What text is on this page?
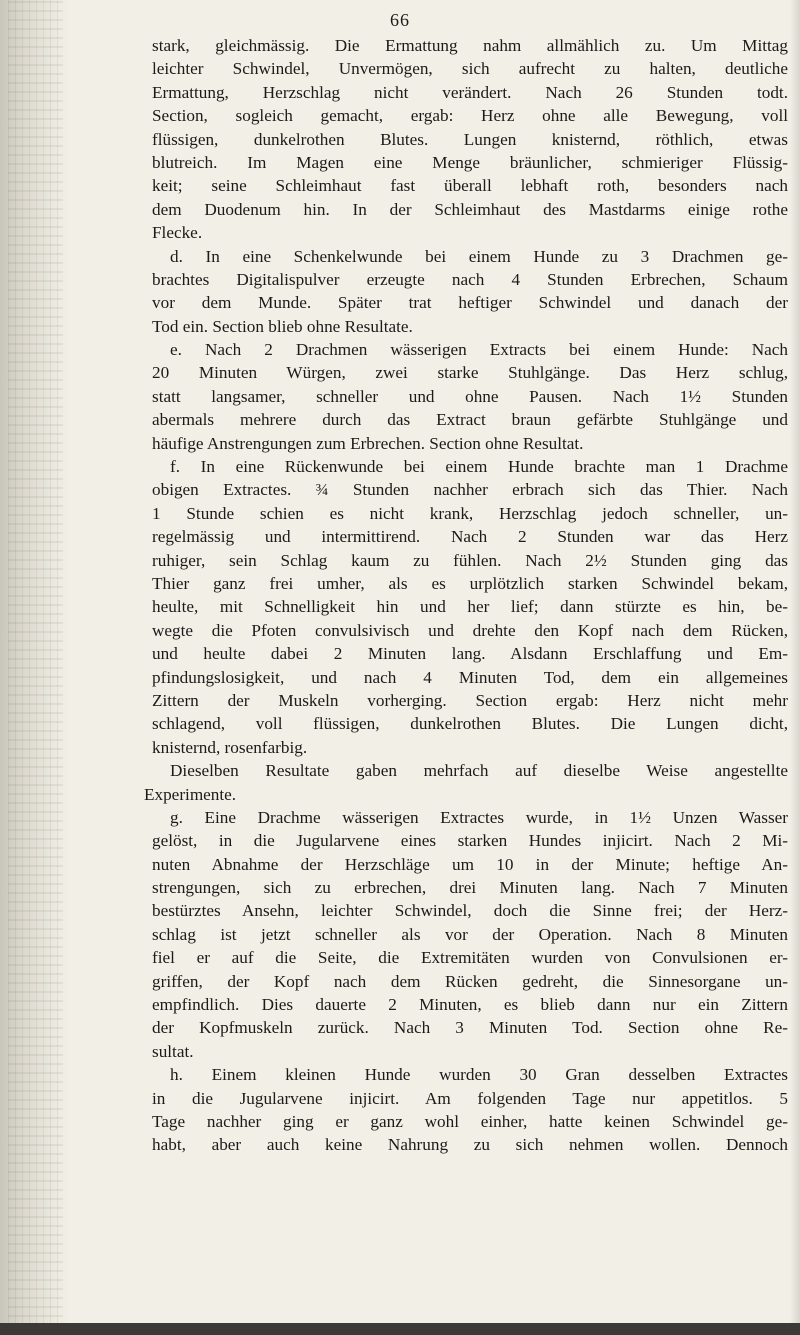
66
stark, gleichmässig. Die Ermattung nahm allmählich zu. Um Mittag
leichter Schwindel, Unvermögen, sich aufrecht zu halten, deutliche
Ermattung, Herzschlag nicht verändert. Nach 26 Stunden todt.
Section, sogleich gemacht, ergab: Herz ohne alle Bewegung, voll
flüssigen, dunkelrothen Blutes. Lungen knisternd, röthlich, etwas
blutreich. Im Magen eine Menge bräunlicher, schmieriger Flüssig-
keit; seine Schleimhaut fast überall lebhaft roth, besonders nach
dem Duodenum hin. In der Schleimhaut des Mastdarms einige rothe
Flecke.
d. In eine Schenkelwunde bei einem Hunde zu 3 Drachmen ge-
brachtes Digitalispulver erzeugte nach 4 Stunden Erbrechen, Schaum
vor dem Munde. Später trat heftiger Schwindel und danach der
Tod ein. Section blieb ohne Resultate.
e. Nach 2 Drachmen wässerigen Extracts bei einem Hunde: Nach
20 Minuten Würgen, zwei starke Stuhlgänge. Das Herz schlug,
statt langsamer, schneller und ohne Pausen. Nach 1½ Stunden
abermals mehrere durch das Extract braun gefärbte Stuhlgänge und
häufige Anstrengungen zum Erbrechen. Section ohne Resultat.
f. In eine Rückenwunde bei einem Hunde brachte man 1 Drachme
obigen Extractes. ¾ Stunden nachher erbrach sich das Thier. Nach
1 Stunde schien es nicht krank, Herzschlag jedoch schneller, un-
regelmässig und intermittirend. Nach 2 Stunden war das Herz
ruhiger, sein Schlag kaum zu fühlen. Nach 2½ Stunden ging das
Thier ganz frei umher, als es urplötzlich starken Schwindel bekam,
heulte, mit Schnelligkeit hin und her lief; dann stürzte es hin, be-
wegte die Pfoten convulsivisch und drehte den Kopf nach dem Rücken,
und heulte dabei 2 Minuten lang. Alsdann Erschlaffung und Em-
pfindungslosigkeit, und nach 4 Minuten Tod, dem ein allgemeines
Zittern der Muskeln vorherging. Section ergab: Herz nicht mehr
schlagend, voll flüssigen, dunkelrothen Blutes. Die Lungen dicht,
knisternd, rosenfarbig.
Dieselben Resultate gaben mehrfach auf dieselbe Weise angestellte
Experimente.
g. Eine Drachme wässerigen Extractes wurde, in 1½ Unzen Wasser
gelöst, in die Jugularvene eines starken Hundes injicirt. Nach 2 Mi-
nuten Abnahme der Herzschläge um 10 in der Minute; heftige An-
strengungen, sich zu erbrechen, drei Minuten lang. Nach 7 Minuten
bestürztes Ansehn, leichter Schwindel, doch die Sinne frei; der Herz-
schlag ist jetzt schneller als vor der Operation. Nach 8 Minuten
fiel er auf die Seite, die Extremitäten wurden von Convulsionen er-
griffen, der Kopf nach dem Rücken gedreht, die Sinnesorgane un-
empfindlich. Dies dauerte 2 Minuten, es blieb dann nur ein Zittern
der Kopfmuskeln zurück. Nach 3 Minuten Tod. Section ohne Re-
sultat.
h. Einem kleinen Hunde wurden 30 Gran desselben Extractes
in die Jugularvene injicirt. Am folgenden Tage nur appetitlos. 5
Tage nachher ging er ganz wohl einher, hatte keinen Schwindel ge-
habt, aber auch keine Nahrung zu sich nehmen wollen. Dennoch
